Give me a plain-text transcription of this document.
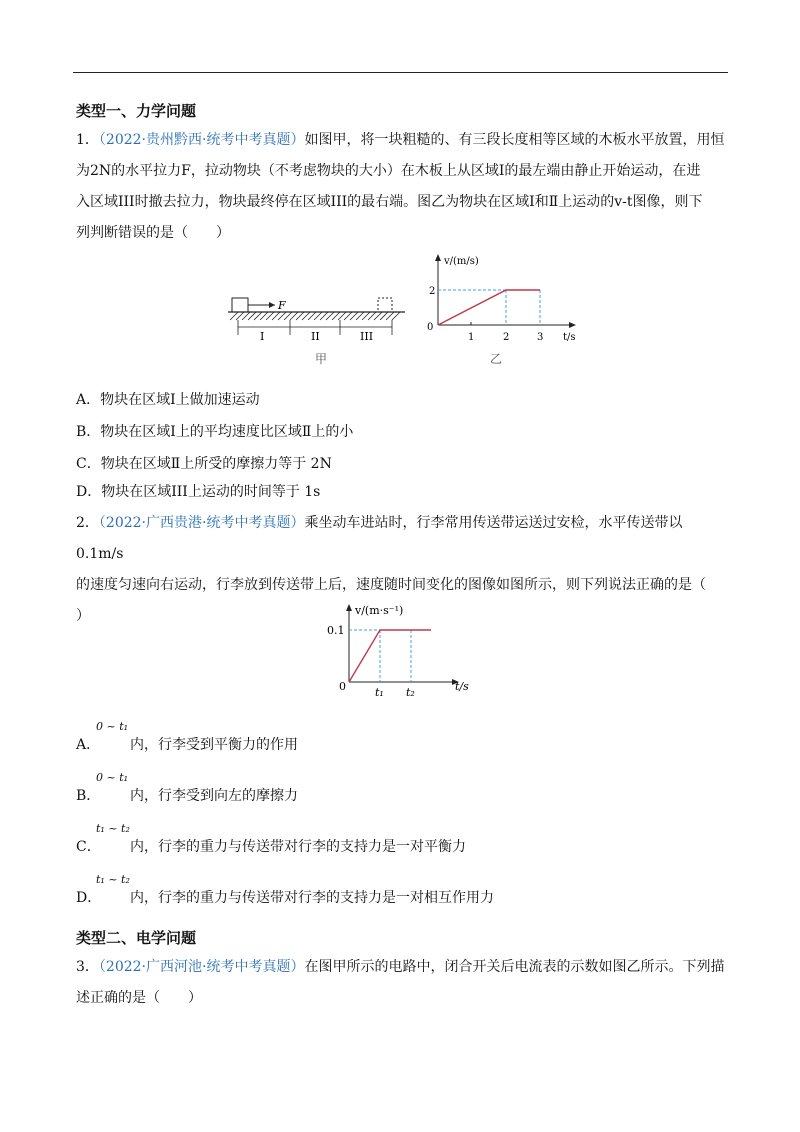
类型一、力学问题
1．（2022·贵州黔西·统考中考真题）如图甲，将一块粗糙的、有三段长度相等区域的木板水平放置，用恒
为2N的水平拉力F，拉动物块（不考虑物块的大小）在木板上从区域Ⅰ的最左端由静止开始运动，在进
入区域III时撤去拉力，物块最终停在区域III的最右端。图乙为物块在区域Ⅰ和Ⅱ上运动的v-t图像，则下
列判断错误的是（　　）
F
I	II	III
甲
v/(m/s)
t/s
2
0
1	2	3
乙
A．物块在区域Ⅰ上做加速运动
B．物块在区域Ⅰ上的平均速度比区域Ⅱ上的小
C．物块在区域Ⅱ上所受的摩擦力等于 2N
D．物块在区域III上运动的时间等于 1s
2．（2022·广西贵港·统考中考真题）乘坐动车进站时，行李常用传送带运送过安检，水平传送带以 0.1m/s
的速度匀速向右运动，行李放到传送带上后，速度随时间变化的图像如图所示，则下列说法正确的是（
）	v/(m·s⁻¹)
0.1
0	t₁ t₂	t/s
A．
0 ~ t₁
内，行李受到平衡力的作用
B．
0 ~ t₁
内，行李受到向左的摩擦力
C．
t₁ ~ t₂
内，行李的重力与传送带对行李的支持力是一对平衡力
D．
t₁ ~ t₂
内，行李的重力与传送带对行李的支持力是一对相互作用力
类型二、电学问题
3．（2022·广西河池·统考中考真题）在图甲所示的电路中，闭合开关后电流表的示数如图乙所示。下列描
述正确的是（　　）
